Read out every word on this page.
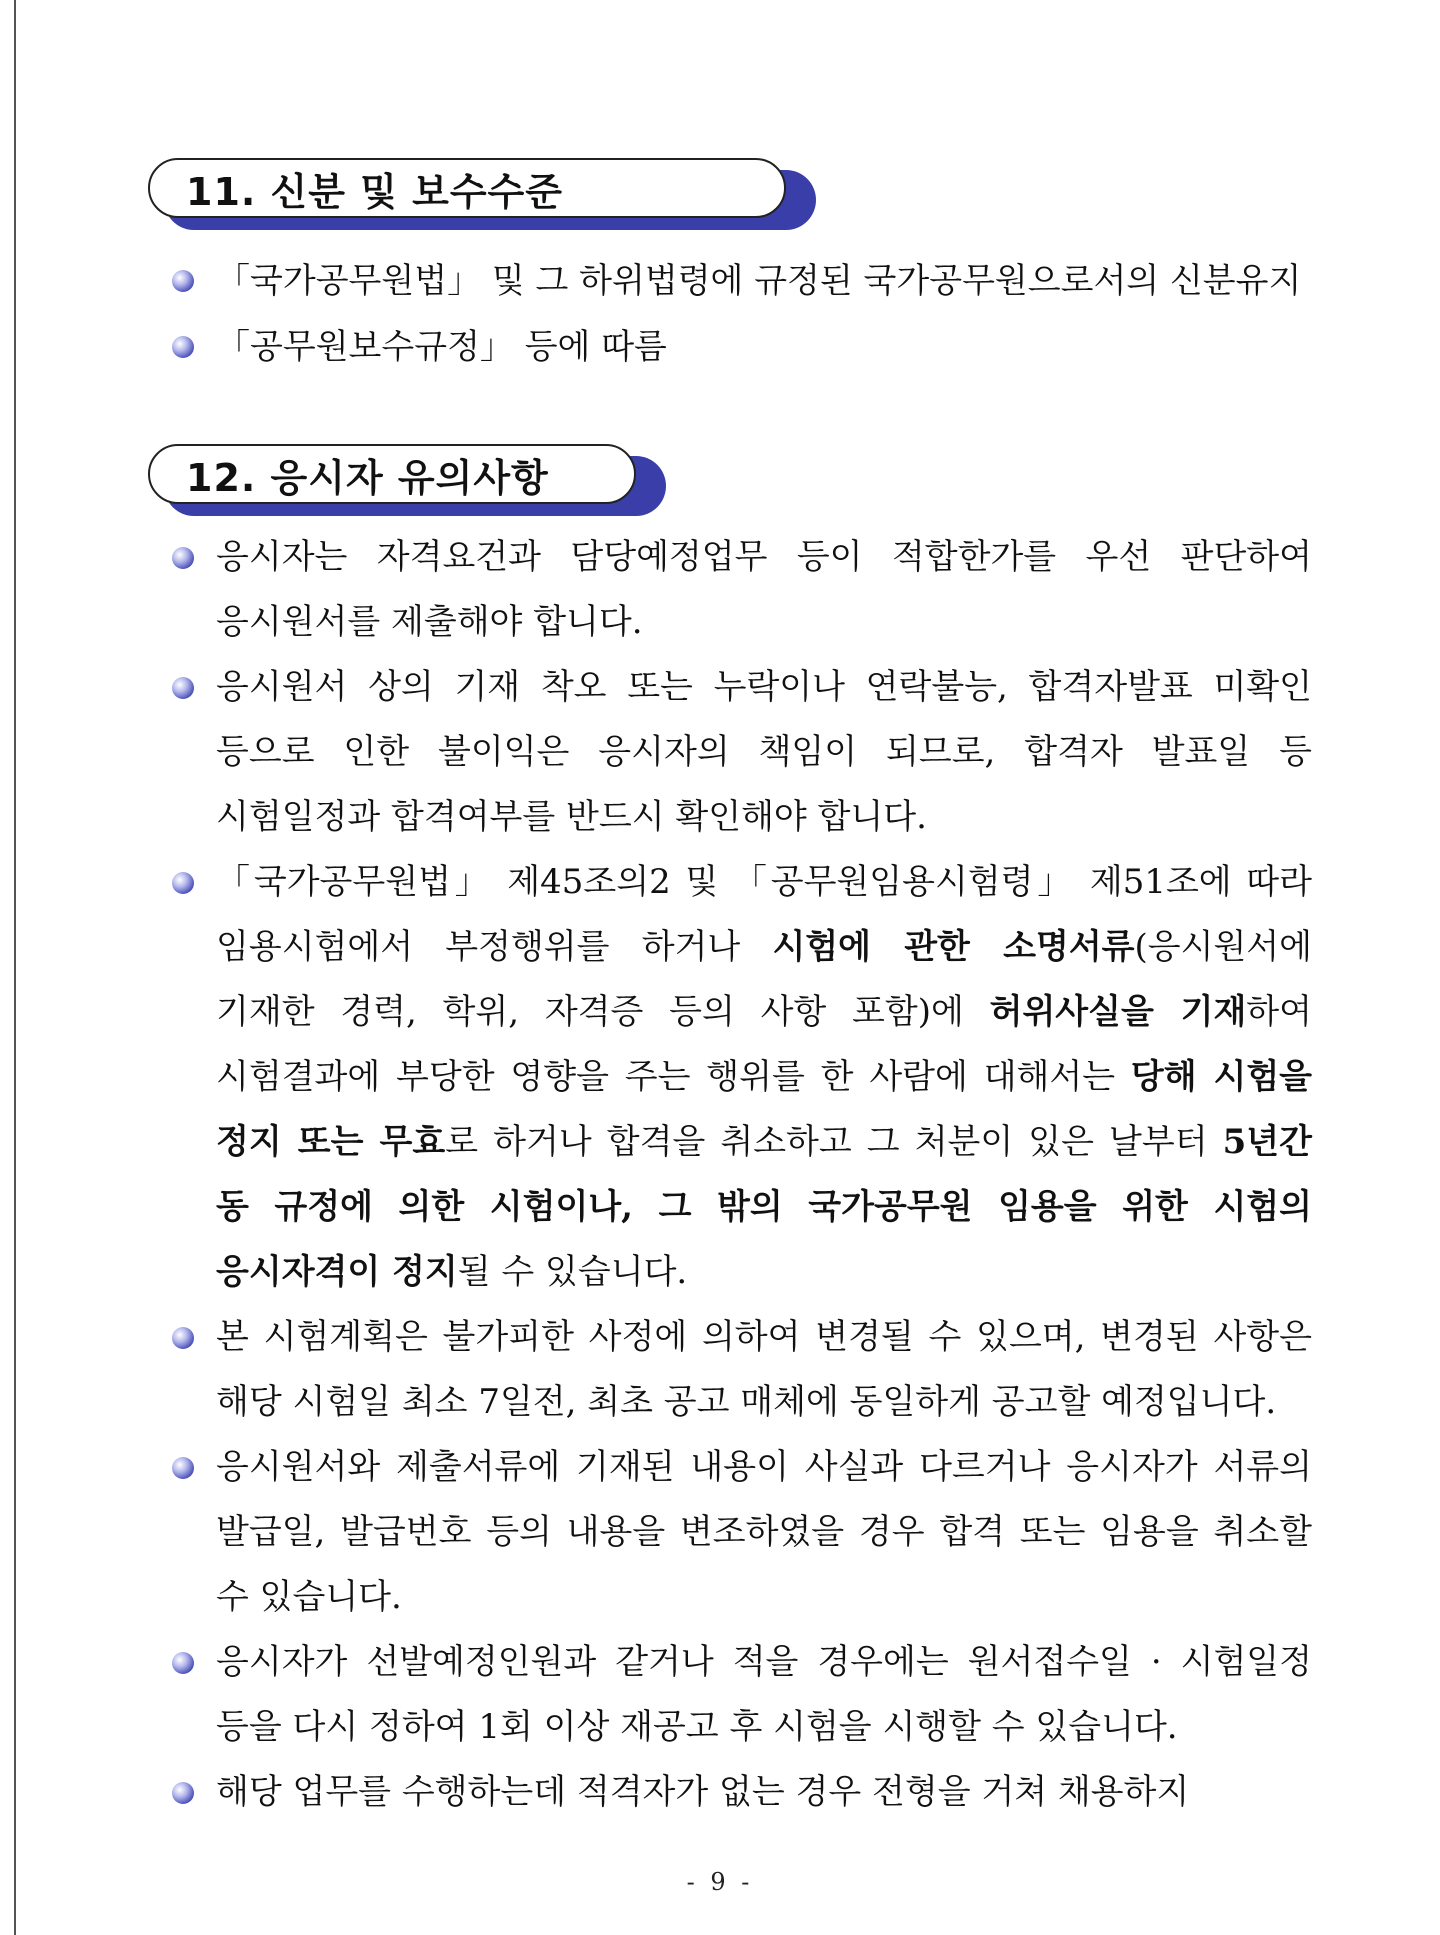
11. 신분 및 보수수준
「국가공무원법」 및 그 하위법령에 규정된 국가공무원으로서의 신분유지
「공무원보수규정」 등에 따름
12. 응시자 유의사항
응시자는 자격요건과 담당예정업무 등이 적합한가를 우선 판단하여 응시원서를 제출해야 합니다.
응시원서 상의 기재 착오 또는 누락이나 연락불능, 합격자발표 미확인 등으로 인한 불이익은 응시자의 책임이 되므로, 합격자 발표일 등 시험일정과 합격여부를 반드시 확인해야 합니다.
「국가공무원법」 제45조의2 및 「공무원임용시험령」 제51조에 따라 임용시험에서 부정행위를 하거나 시험에 관한 소명서류(응시원서에 기재한 경력, 학위, 자격증 등의 사항 포함)에 허위사실을 기재하여 시험결과에 부당한 영향을 주는 행위를 한 사람에 대해서는 당해 시험을 정지 또는 무효로 하거나 합격을 취소하고 그 처분이 있은 날부터 5년간 동 규정에 의한 시험이나, 그 밖의 국가공무원 임용을 위한 시험의 응시자격이 정지될 수 있습니다.
본 시험계획은 불가피한 사정에 의하여 변경될 수 있으며, 변경된 사항은 해당 시험일 최소 7일전, 최초 공고 매체에 동일하게 공고할 예정입니다.
응시원서와 제출서류에 기재된 내용이 사실과 다르거나 응시자가 서류의 발급일, 발급번호 등의 내용을 변조하였을 경우 합격 또는 임용을 취소할 수 있습니다.
응시자가 선발예정인원과 같거나 적을 경우에는 원서접수일 · 시험일정 등을 다시 정하여 1회 이상 재공고 후 시험을 시행할 수 있습니다.
해당 업무를 수행하는데 적격자가 없는 경우 전형을 거쳐 채용하지
- 9 -
